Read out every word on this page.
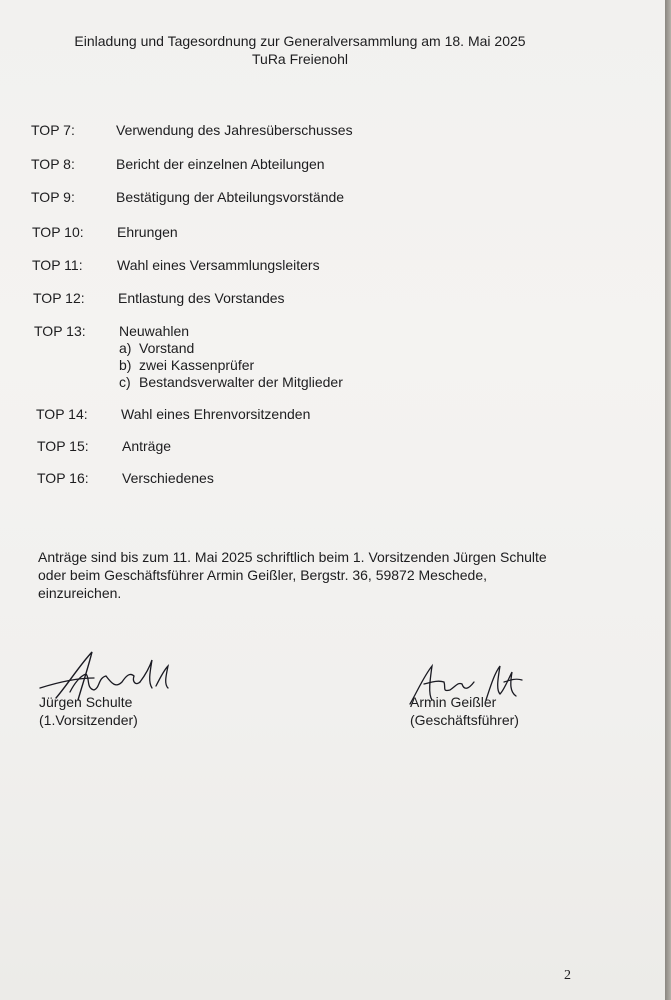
Einladung und Tagesordnung zur Generalversammlung am 18. Mai 2025
TuRa Freienohl
TOP 7:	Verwendung des Jahresüberschusses
TOP 8:	Bericht der einzelnen Abteilungen
TOP 9:	Bestätigung der Abteilungsvorstände
TOP 10:	Ehrungen
TOP 11:	Wahl eines Versammlungsleiters
TOP 12:	Entlastung des Vorstandes
TOP 13:	Neuwahlen
a) Vorstand
b) zwei Kassenprüfer
c) Bestandsverwalter der Mitglieder
TOP 14:	Wahl eines Ehrenvorsitzenden
TOP 15:	Anträge
TOP 16:	Verschiedenes
Anträge sind bis zum 11. Mai 2025 schriftlich beim 1. Vorsitzenden Jürgen Schulte
oder beim Geschäftsführer Armin Geißler, Bergstr. 36, 59872 Meschede,
einzureichen.
Jürgen Schulte
(1.Vorsitzender)
Armin Geißler
(Geschäftsführer)
2
